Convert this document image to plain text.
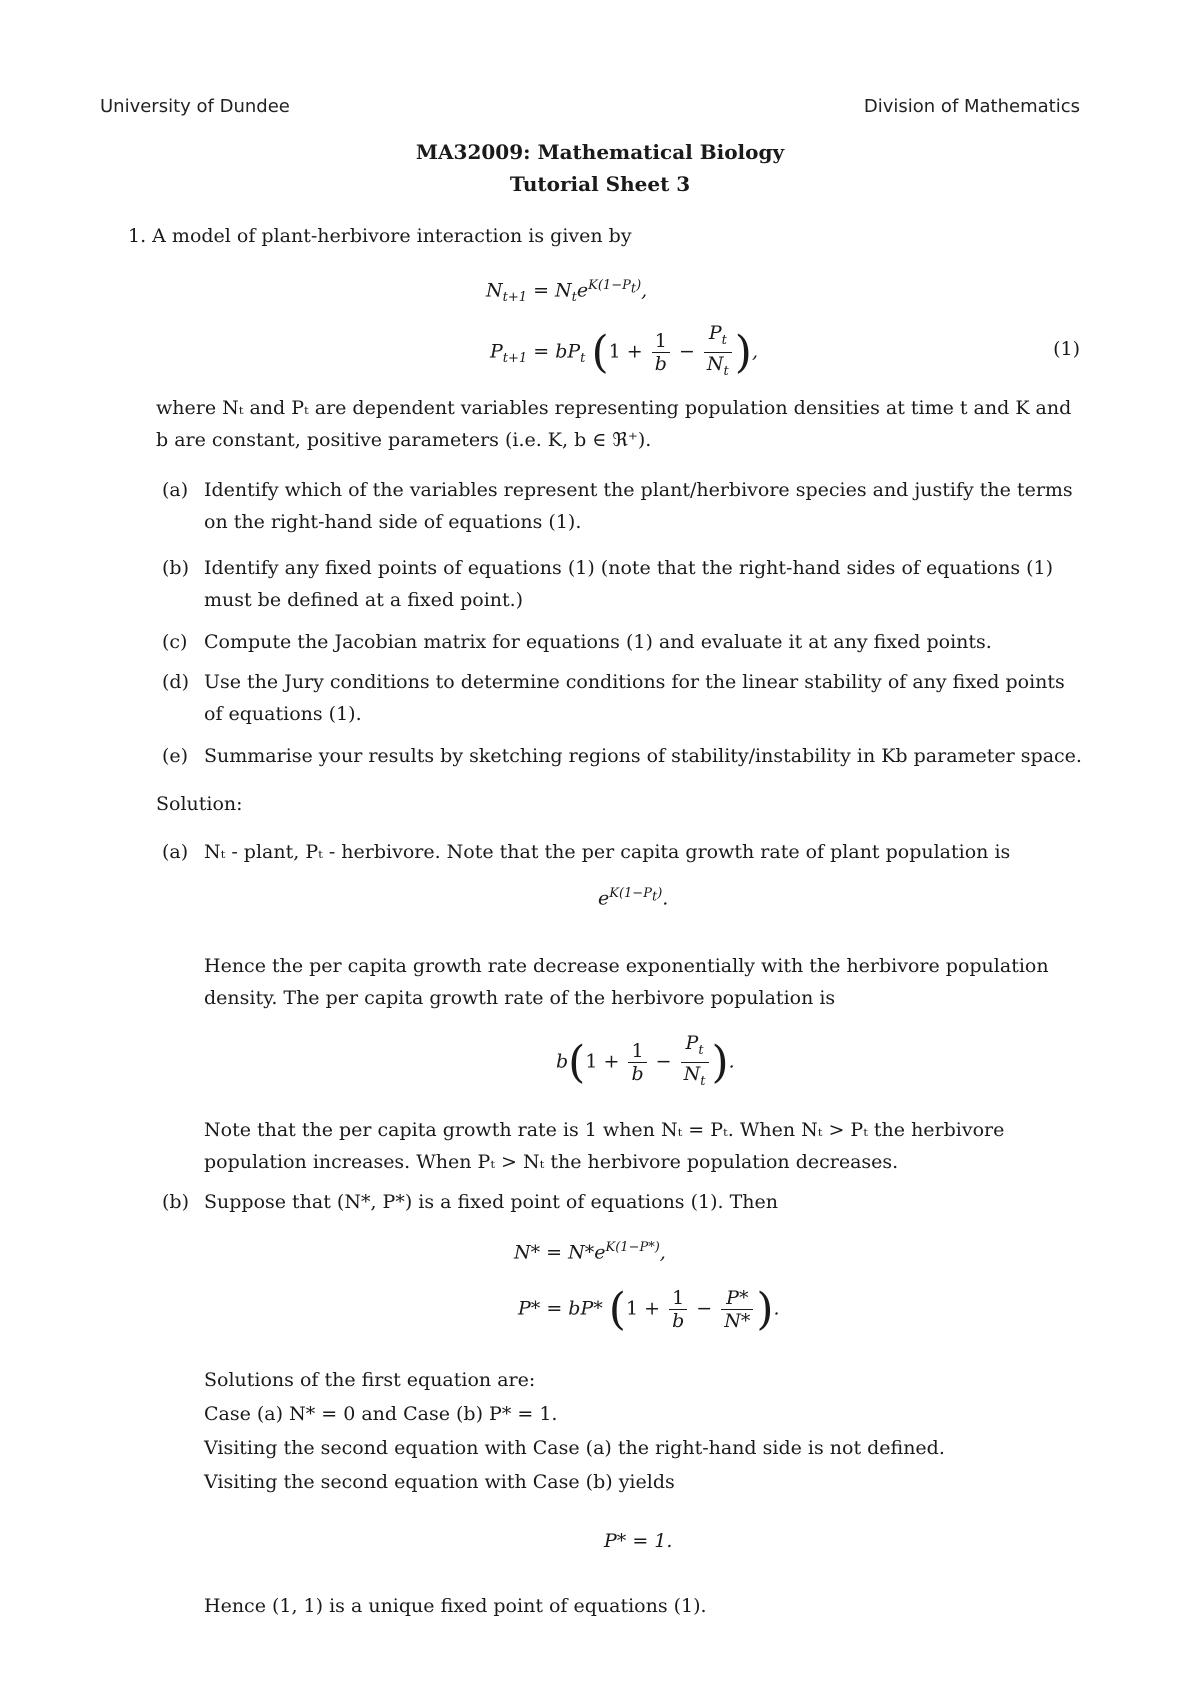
University of Dundee	Division of Mathematics
MA32009: Mathematical Biology
Tutorial Sheet 3
1. A model of plant-herbivore interaction is given by
$N_{t+1} = N_te^{K(1-P_t)}$,
$P_{t+1} = bP_t$ ($1 + \frac{1}{b} - \frac{P_t}{N_t}$ ),	(1)
where Nₜ and Pₜ are dependent variables representing population densities at time t and K and
b are constant, positive parameters (i.e. K, b ∈ ℜ⁺).
(a) Identify which of the variables represent the plant/herbivore species and justify the terms
on the right-hand side of equations (1).
(b) Identify any fixed points of equations (1) (note that the right-hand sides of equations (1)
must be defined at a fixed point.)
(c) Compute the Jacobian matrix for equations (1) and evaluate it at any fixed points.
(d) Use the Jury conditions to determine conditions for the linear stability of any fixed points
of equations (1).
(e) Summarise your results by sketching regions of stability/instability in Kb parameter space.
Solution:
(a) Nₜ - plant, Pₜ - herbivore. Note that the per capita growth rate of plant population is
$e^{K(1-P_t)}$.
Hence the per capita growth rate decrease exponentially with the herbivore population
density. The per capita growth rate of the herbivore population is
$b(1 + \frac{1}{b} - \frac{P_t}{N_t}$ ).
Note that the per capita growth rate is 1 when Nₜ = Pₜ. When Nₜ > Pₜ the herbivore
population increases. When Pₜ > Nₜ the herbivore population decreases.
(b) Suppose that (N*, P*) is a fixed point of equations (1). Then
$N* = N*e^{K(1-P*)}$,
P* = bP* ($1 + \frac{1}{b} - \frac{P*}{N*}$ ).
Solutions of the first equation are:
Case (a) N* = 0 and Case (b) P* = 1.
Visiting the second equation with Case (a) the right-hand side is not defined.
Visiting the second equation with Case (b) yields
P* = 1.
Hence (1, 1) is a unique fixed point of equations (1).
